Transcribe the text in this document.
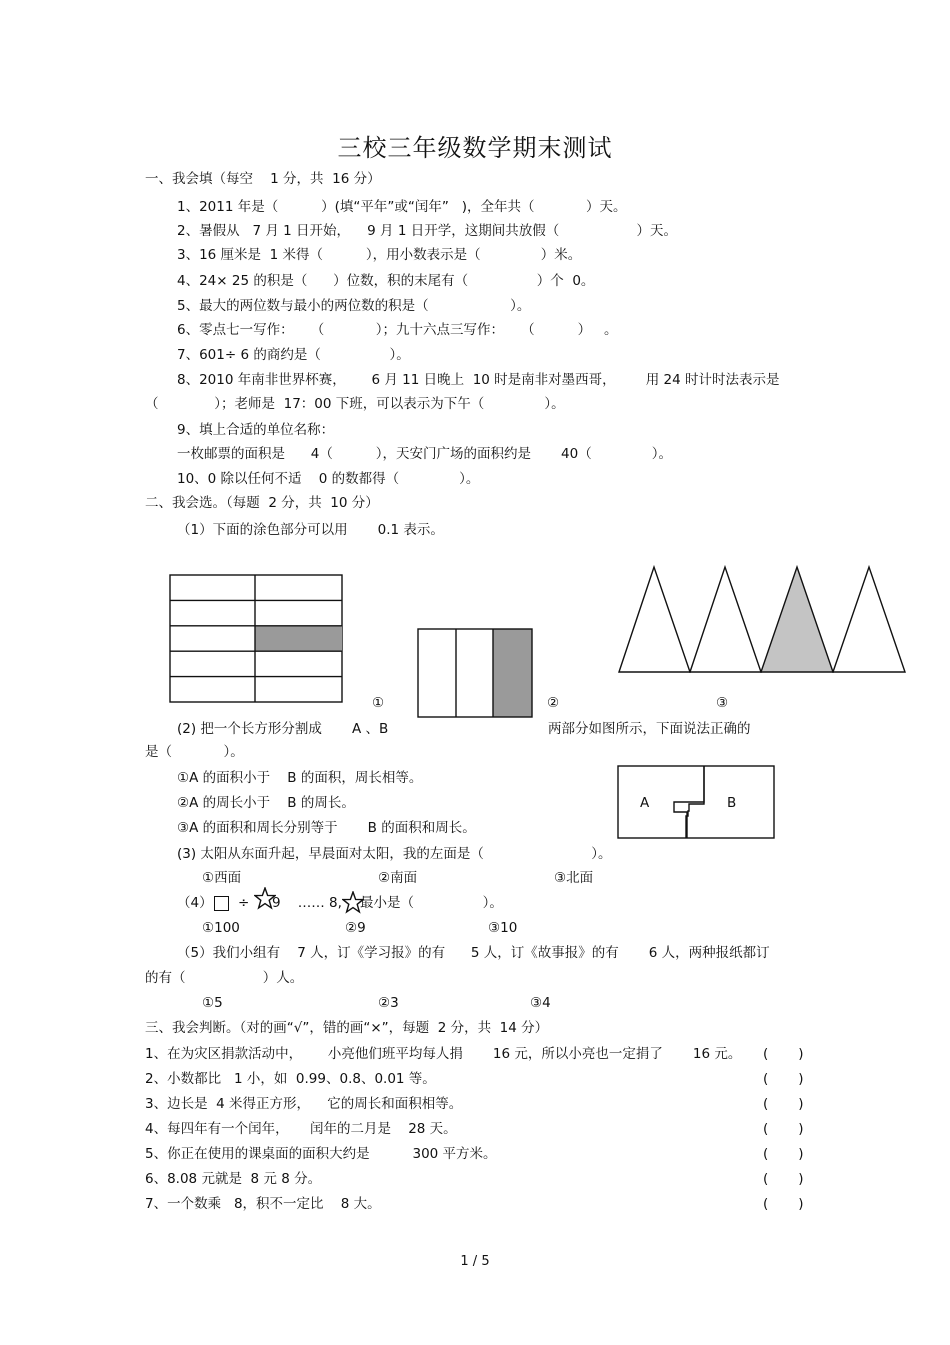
三校三年级数学期末测试
一、我会填（每空    1 分，共  16 分）
1、2011 年是（          ）(填“平年”或“闰年”   )，全年共（            ）天。
2、暑假从   7 月 1 日开始，    9 月 1 日开学，这期间共放假（                  ）天。
3、16 厘米是  1 米得（          ），用小数表示是（              ）米。
4、24× 25 的积是（      ）位数，积的末尾有（                ）个  0。
5、最大的两位数与最小的两位数的积是（                   ）。
6、零点七一写作：    （            ）；九十六点三写作：    （          ）   。
7、601÷ 6 的商约是（                ）。
8、2010 年南非世界杯赛，      6 月 11 日晚上  10 时是南非对墨西哥，       用 24 时计时法表示是
（             ）；老师是  17：00 下班，可以表示为下午（              ）。
9、填上合适的单位名称：
一枚邮票的面积是      4（          ），天安门广场的面积约是       40（              ）。
10、0 除以任何不适    0 的数都得（              ）。
二、我会选。（每题  2 分，共  10 分）
（1）下面的涂色部分可以用       0.1 表示。
①	②	③
(2) 把一个长方形分割成       A 、B	两部分如图所示，下面说法正确的
是（            ）。
①A 的面积小于    B 的面积，周长相等。
②A 的周长小于    B 的周长。
③A 的面积和周长分别等于       B 的面积和周长。
A	B
(3) 太阳从东面升起，早晨面对太阳，我的左面是（                         ）。
①西面	②南面	③北面
（4） ÷ 9    …… 8, 最小是（                ）。
①100	②9	③10
（5）我们小组有    7 人，订《学习报》的有      5 人，订《故事报》的有       6 人，两种报纸都订
的有（                  ）人。
①5	②3	③4
三、我会判断。（对的画“√”，错的画“×”，每题  2 分，共  14 分）
1、在为灾区捐款活动中，      小亮他们班平均每人捐       16 元，所以小亮也一定捐了       16 元。 (       )
2、小数都比   1 小，如  0.99、0.8、0.01 等。	(       )
3、边长是  4 米得正方形，    它的周长和面积相等。	(       )
4、每四年有一个闰年，     闰年的二月是    28 天。	(       )
5、你正在使用的课桌面的面积大约是          300 平方米。	(       )
6、8.08 元就是  8 元 8 分。	(       )
7、一个数乘   8，积不一定比    8 大。	(       )
1 / 5
